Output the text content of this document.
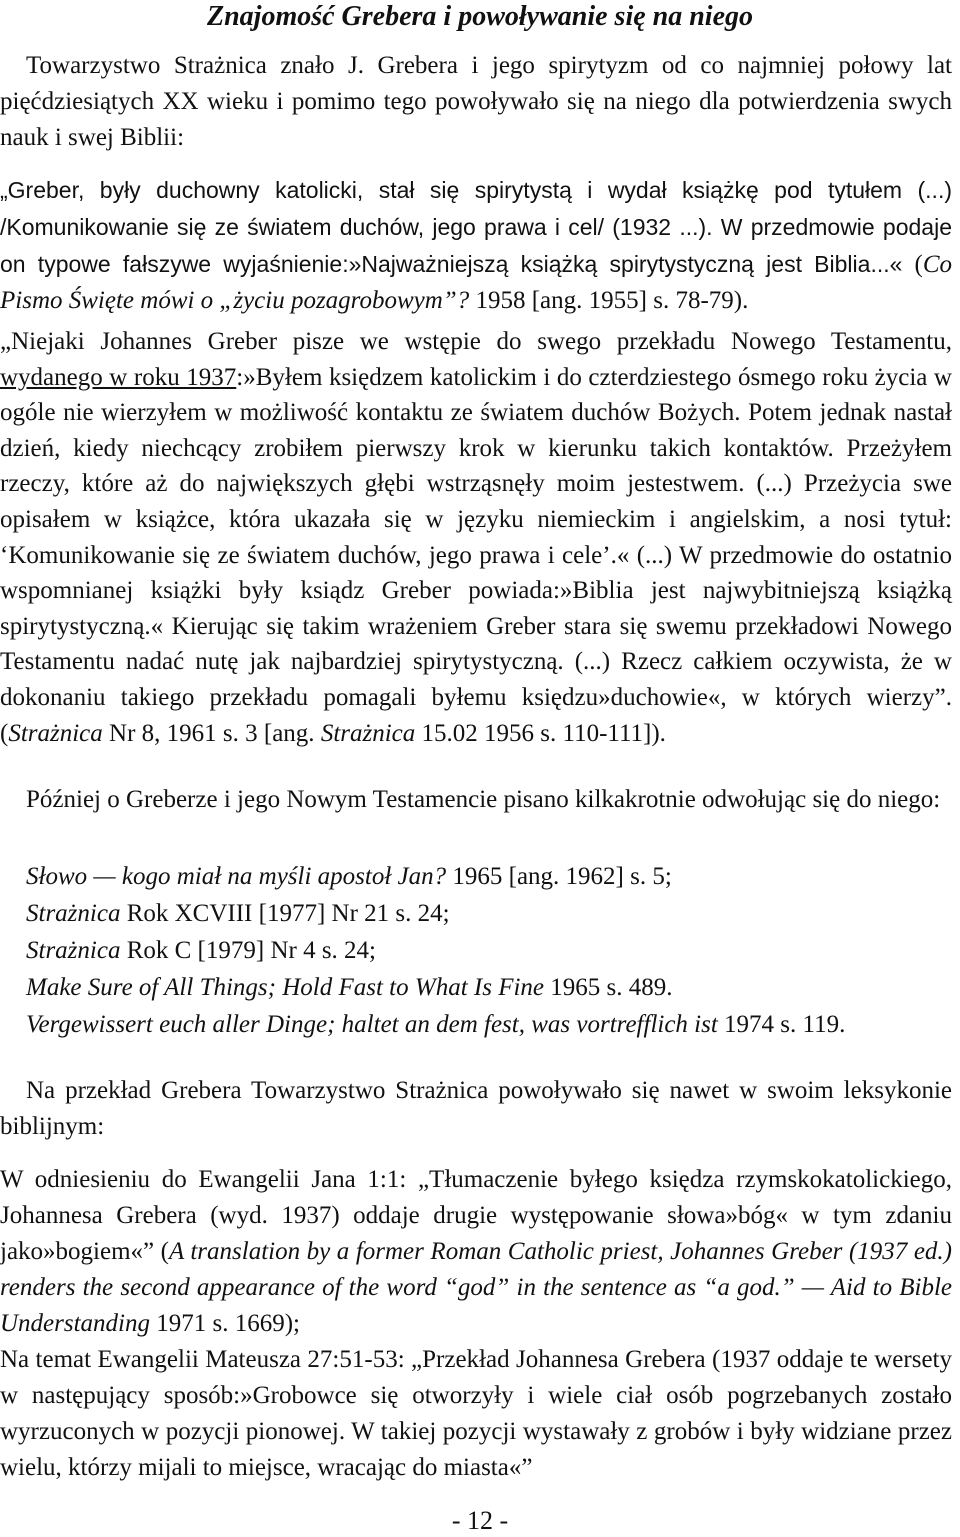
Znajomość Grebera i powoływanie się na niego

Towarzystwo Strażnica znało J. Grebera i jego spirytyzm od co najmniej połowy lat pięćdziesiątych XX wieku i pomimo tego powoływało się na niego dla potwierdzenia swych nauk i swej Biblii:

„Greber, były duchowny katolicki, stał się spirytystą i wydał książkę pod tytułem (...) /Komunikowanie się ze światem duchów, jego prawa i cel/ (1932 ...). W przedmowie podaje on typowe fałszywe wyjaśnienie:»Najważniejszą książką spirytystyczną jest Biblia...« (Co Pismo Święte mówi o „życiu pozagrobowym”? 1958 [ang. 1955] s. 78-79).

„Niejaki Johannes Greber pisze we wstępie do swego przekładu Nowego Testamentu, wydanego w roku 1937:»Byłem księdzem katolickim i do czterdziestego ósmego roku życia w ogóle nie wierzyłem w możliwość kontaktu ze światem duchów Bożych. Potem jednak nastał dzień, kiedy niechcący zrobiłem pierwszy krok w kierunku takich kontaktów. Przeżyłem rzeczy, które aż do największych głębi wstrząsnęły moim jestestwem. (...) Przeżycia swe opisałem w książce, która ukazała się w języku niemieckim i angielskim, a nosi tytuł: ‘Komunikowanie się ze światem duchów, jego prawa i cele’.« (...) W przedmowie do ostatnio wspomnianej książki były ksiądz Greber powiada:»Biblia jest najwybitniejszą książką spirytystyczną.« Kierując się takim wrażeniem Greber stara się swemu przekładowi Nowego Testamentu nadać nutę jak najbardziej spirytystyczną. (...) Rzecz całkiem oczywista, że w dokonaniu takiego przekładu pomagali byłemu księdzu»duchowie«, w których wierzy”. (Strażnica Nr 8, 1961 s. 3 [ang. Strażnica 15.02 1956 s. 110-111]).

Później o Greberze i jego Nowym Testamencie pisano kilkakrotnie odwołując się do niego:

Słowo — kogo miał na myśli apostoł Jan? 1965 [ang. 1962] s. 5;
Strażnica Rok XCVIII [1977] Nr 21 s. 24;
Strażnica Rok C [1979] Nr 4 s. 24;
Make Sure of All Things; Hold Fast to What Is Fine 1965 s. 489.
Vergewissert euch aller Dinge; haltet an dem fest, was vortrefflich ist 1974 s. 119.

Na przekład Grebera Towarzystwo Strażnica powoływało się nawet w swoim leksykonie biblijnym:

W odniesieniu do Ewangelii Jana 1:1: „Tłumaczenie byłego księdza rzymskokatolickiego, Johannesa Grebera (wyd. 1937) oddaje drugie występowanie słowa»bóg« w tym zdaniu jako»bogiem«” (A translation by a former Roman Catholic priest, Johannes Greber (1937 ed.) renders the second appearance of the word “god” in the sentence as “a god.” — Aid to Bible Understanding 1971 s. 1669);

Na temat Ewangelii Mateusza 27:51-53: „Przekład Johannesa Grebera (1937 oddaje te wersety w następujący sposób:»Grobowce się otworzyły i wiele ciał osób pogrzebanych zostało wyrzuconych w pozycji pionowej. W takiej pozycji wystawały z grobów i były widziane przez wielu, którzy mijali to miejsce, wracając do miasta«”

- 12 -
